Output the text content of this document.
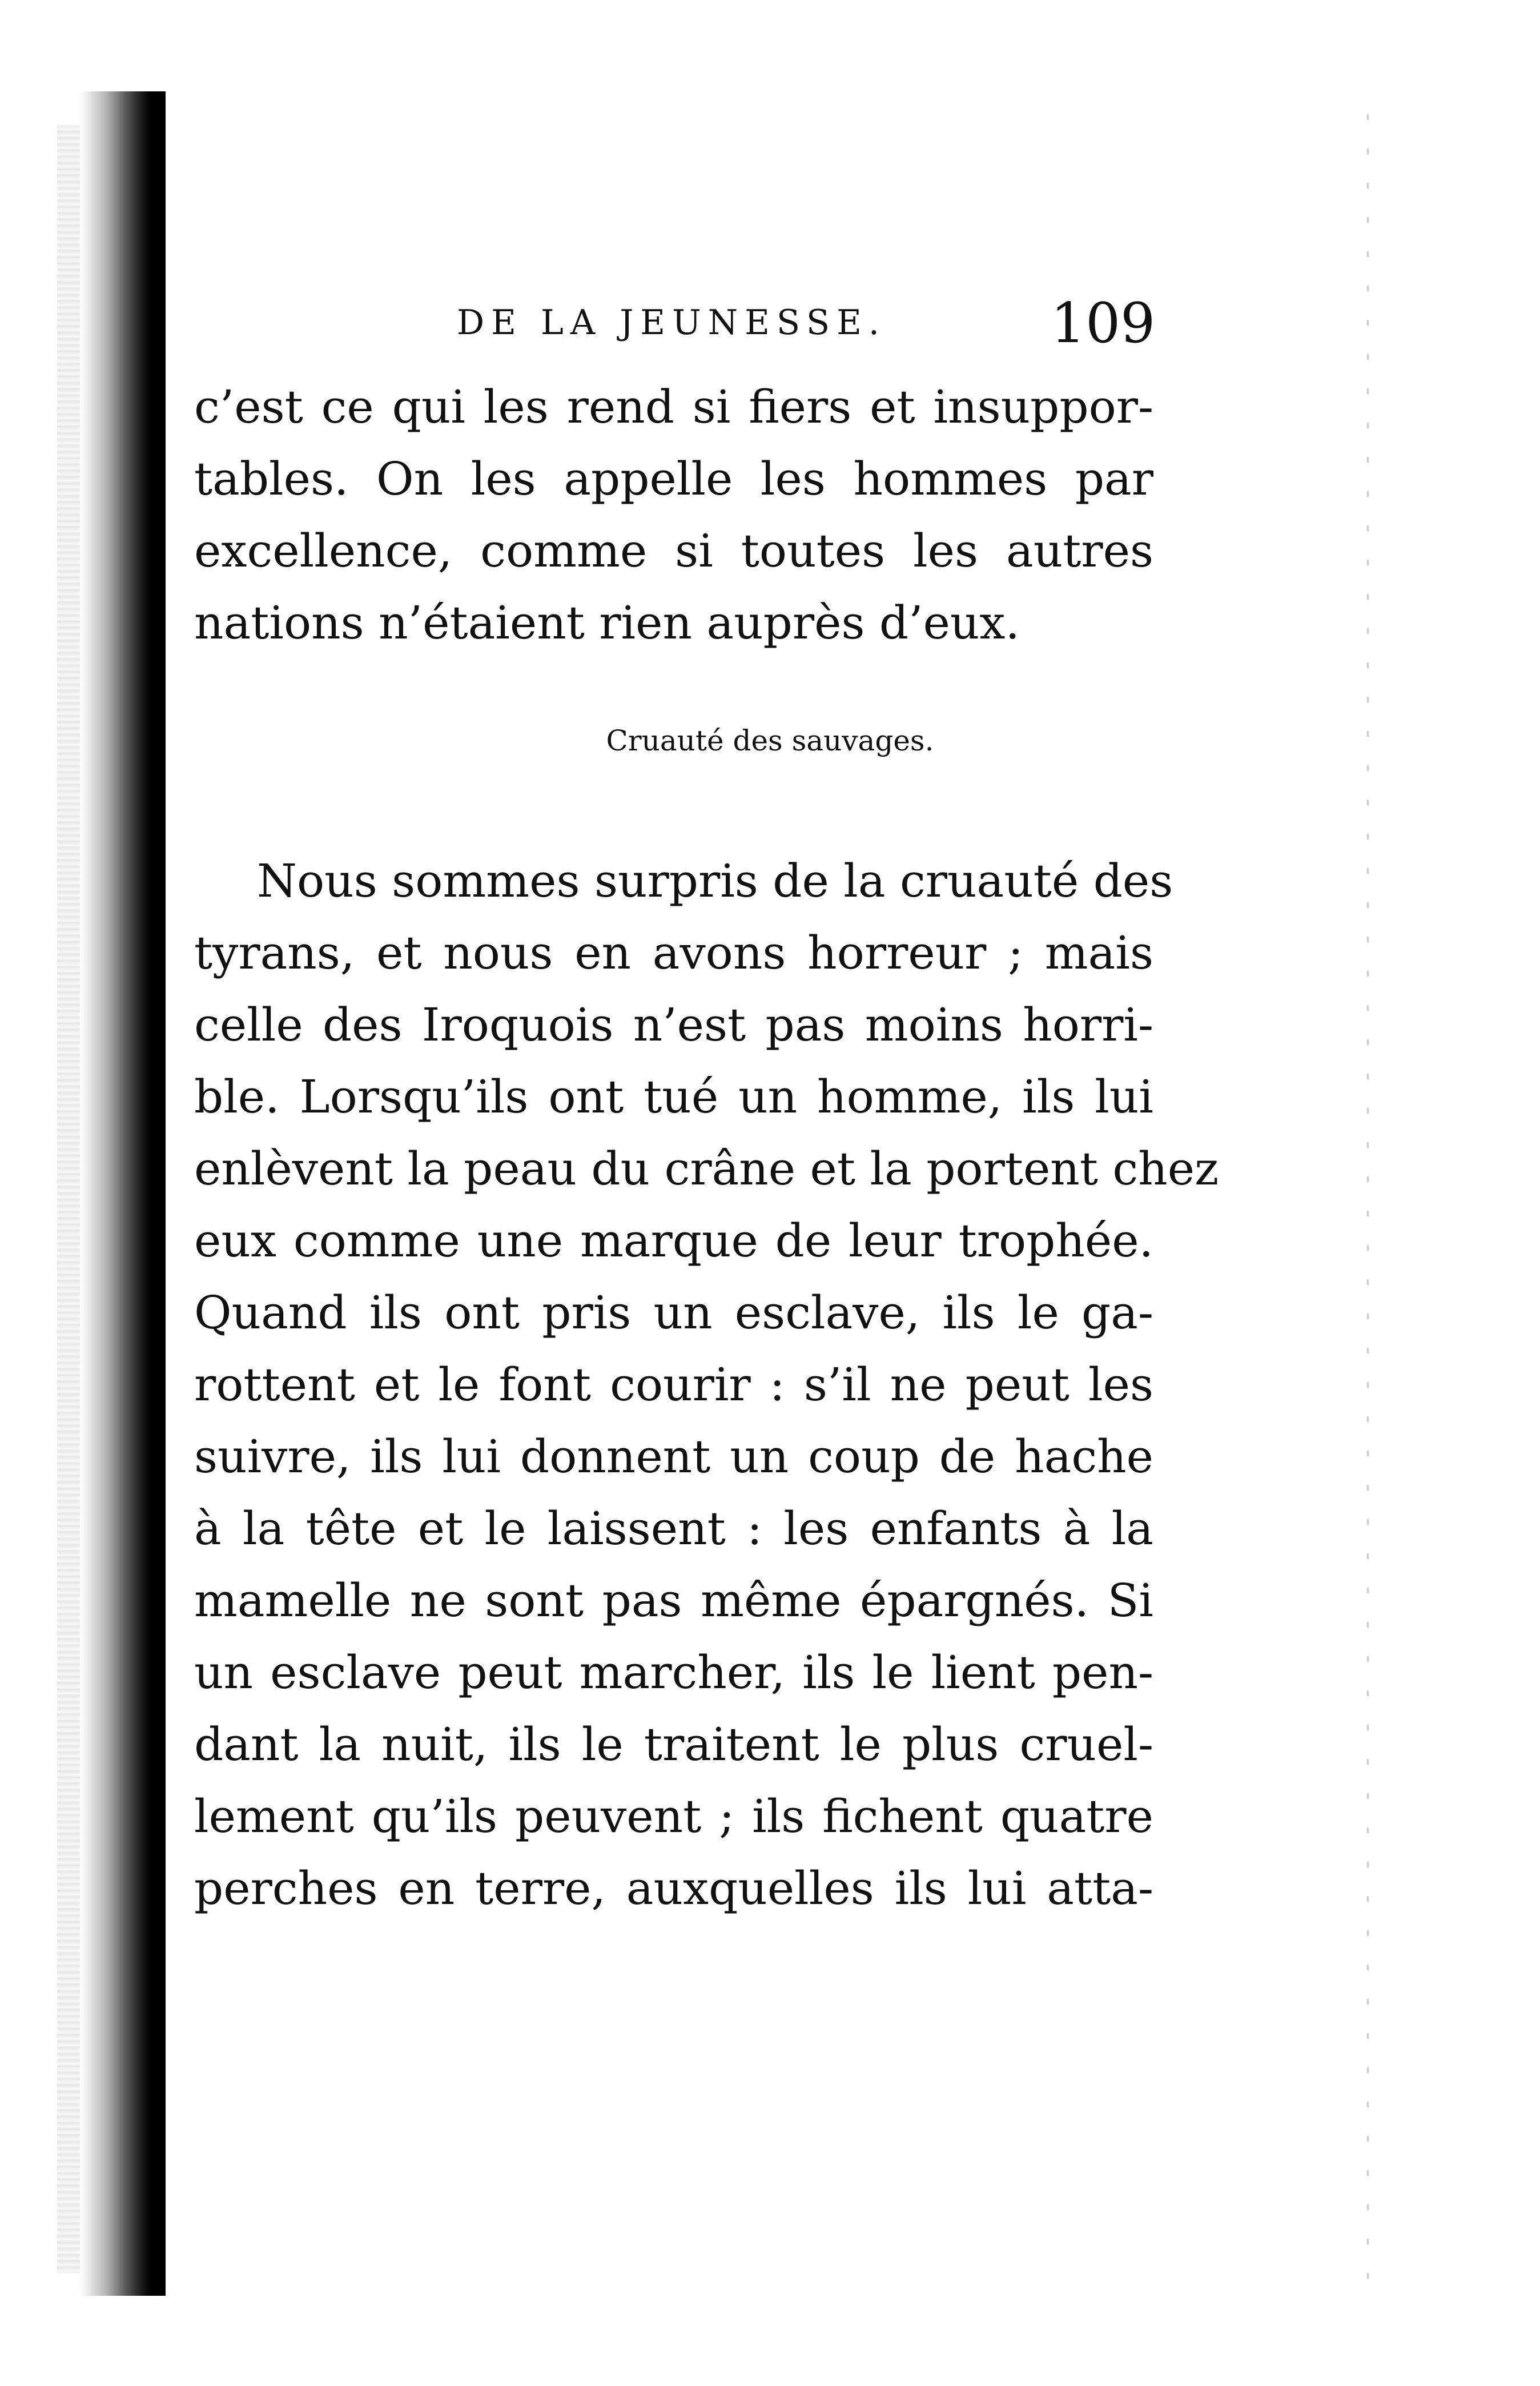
DE LA JEUNESSE.	109
c’est ce qui les rend si fiers et insuppor-
tables. On les appelle les hommes par
excellence, comme si toutes les autres
nations n’étaient rien auprès d’eux.
Cruauté des sauvages.
Nous sommes surpris de la cruauté des
tyrans, et nous en avons horreur ; mais
celle des Iroquois n’est pas moins horri-
ble. Lorsqu’ils ont tué un homme, ils lui
enlèvent la peau du crâne et la portent chez
eux comme une marque de leur trophée.
Quand ils ont pris un esclave, ils le ga-
rottent et le font courir : s’il ne peut les
suivre, ils lui donnent un coup de hache
à la tête et le laissent : les enfants à la
mamelle ne sont pas même épargnés. Si
un esclave peut marcher, ils le lient pen-
dant la nuit, ils le traitent le plus cruel-
lement qu’ils peuvent ; ils fichent quatre
perches en terre, auxquelles ils lui atta-
